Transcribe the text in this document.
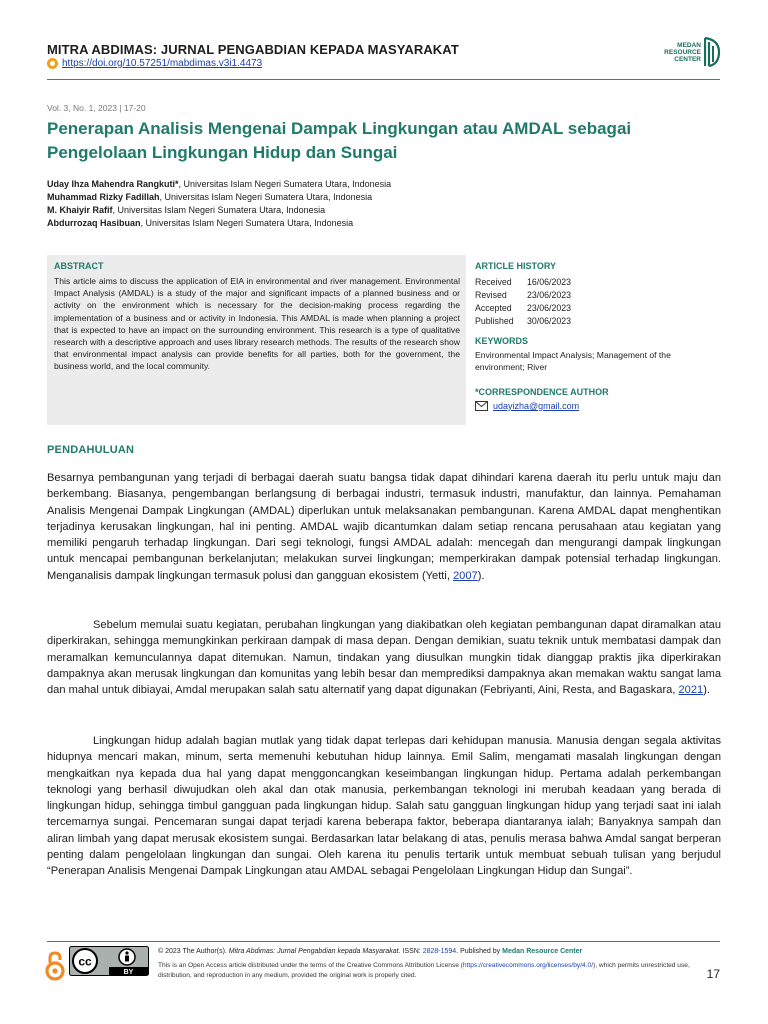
MITRA ABDIMAS: JURNAL PENGABDIAN KEPADA MASYARAKAT
https://doi.org/10.57251/mabdimas.v3i1.4473
MEDAN
RESOURCE
CENTER
Vol. 3, No. 1, 2023 | 17-20
Penerapan Analisis Mengenai Dampak Lingkungan atau AMDAL sebagai
Pengelolaan Lingkungan Hidup dan Sungai
Uday Ihza Mahendra Rangkuti*, Universitas Islam Negeri Sumatera Utara, Indonesia
Muhammad Rizky Fadillah, Universitas Islam Negeri Sumatera Utara, Indonesia
M. Khaiyir Rafif, Universitas Islam Negeri Sumatera Utara, Indonesia
Abdurrozaq Hasibuan, Universitas Islam Negeri Sumatera Utara, Indonesia
ABSTRACT
This article aims to discuss the application of EIA in environmental and river management. Environmental Impact Analysis (AMDAL) is a study of the major and significant impacts of a planned business and or activity on the environment which is necessary for the decision-making process regarding the implementation of a business and or activity in Indonesia. This AMDAL is made when planning a project that is expected to have an impact on the surrounding environment. This research is a type of qualitative research with a descriptive approach and uses library research methods. The results of the research show that environmental impact analysis can provide benefits for all parties, both for the government, the business world, and the local community.
ARTICLE HISTORY
Received	16/06/2023
Revised	23/06/2023
Accepted	23/06/2023
Published	30/06/2023
KEYWORDS
Environmental Impact Analysis; Management of the environment; River
*CORRESPONDENCE AUTHOR
udayizha@gmail.com
PENDAHULUAN
Besarnya pembangunan yang terjadi di berbagai daerah suatu bangsa tidak dapat dihindari karena daerah itu perlu untuk maju dan berkembang. Biasanya, pengembangan berlangsung di berbagai industri, termasuk industri, manufaktur, dan lainnya. Pemahaman Analisis Mengenai Dampak Lingkungan (AMDAL) diperlukan untuk melaksanakan pembangunan. Karena AMDAL dapat menghentikan terjadinya kerusakan lingkungan, hal ini penting. AMDAL wajib dicantumkan dalam setiap rencana perusahaan atau kegiatan yang memiliki pengaruh terhadap lingkungan. Dari segi teknologi, fungsi AMDAL adalah: mencegah dan mengurangi dampak lingkungan untuk mencapai pembangunan berkelanjutan; melakukan survei lingkungan; memperkirakan dampak potensial terhadap lingkungan. Menganalisis dampak lingkungan termasuk polusi dan gangguan ekosistem (Yetti, 2007).
Sebelum memulai suatu kegiatan, perubahan lingkungan yang diakibatkan oleh kegiatan pembangunan dapat diramalkan atau diperkirakan, sehingga memungkinkan perkiraan dampak di masa depan. Dengan demikian, suatu teknik untuk membatasi dampak dan meramalkan kemunculannya dapat ditemukan. Namun, tindakan yang diusulkan mungkin tidak dianggap praktis jika diperkirakan dampaknya akan merusak lingkungan dan komunitas yang lebih besar dan memprediksi dampaknya akan memakan waktu sangat lama dan mahal untuk dibiayai, Amdal merupakan salah satu alternatif yang dapat digunakan (Febriyanti, Aini, Resta, and Bagaskara, 2021).
Lingkungan hidup adalah bagian mutlak yang tidak dapat terlepas dari kehidupan manusia. Manusia dengan segala aktivitas hidupnya mencari makan, minum, serta memenuhi kebutuhan hidup lainnya. Emil Salim, mengamati masalah lingkungan dengan mengkaitkan nya kepada dua hal yang dapat menggoncangkan keseimbangan lingkungan hidup. Pertama adalah perkembangan teknologi yang berhasil diwujudkan oleh akal dan otak manusia, perkembangan teknologi ini merubah keadaan yang berada di lingkungan hidup, sehingga timbul gangguan pada lingkungan hidup. Salah satu gangguan lingkungan hidup yang terjadi saat ini ialah tercemarnya sungai. Pencemaran sungai dapat terjadi karena beberapa faktor, beberapa diantaranya ialah; Banyaknya sampah dan aliran limbah yang dapat merusak ekosistem sungai. Berdasarkan latar belakang di atas, penulis merasa bahwa Amdal sangat berperan penting dalam pengelolaan lingkungan dan sungai. Oleh karena itu penulis tertarik untuk membuat sebuah tulisan yang berjudul “Penerapan Analisis Mengenai Dampak Lingkungan atau AMDAL sebagai Pengelolaan Lingkungan Hidup dan Sungai”.
cc
BY
© 2023 The Author(s). Mitra Abdimas: Jurnal Pengabdian kepada Masyarakat. ISSN: 2828-1594. Published by Medan Resource Center
This is an Open Access article distributed under the terms of the Creative Commons Attribution License (https://creativecommons.org/licenses/by/4.0/), which permits unrestricted use, distribution, and reproduction in any medium, provided the original work is properly cited.	17
